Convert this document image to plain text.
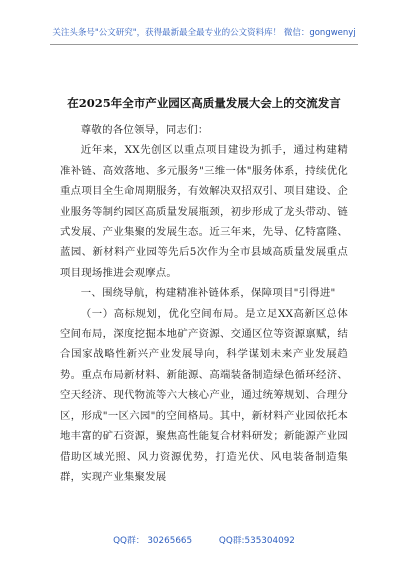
关注头条号"公文研究"，获得最新最全最专业的公文资料库！ 微信：gongwenyj
在2025年全市产业园区高质量发展大会上的交流发言

尊敬的各位领导，同志们：

近年来，XX先创区以重点项目建设为抓手，通过构建精准补链、高效落地、多元服务"三维一体"服务体系，持续优化重点项目全生命周期服务，有效解决双招双引、项目建设、企业服务等制约园区高质量发展瓶颈，初步形成了龙头带动、链式发展、产业集聚的发展生态。近三年来，先导、亿特富隆、蓝园、新材料产业园等先后5次作为全市县域高质量发展重点项目现场推进会观摩点。

一、围绕导航，构建精准补链体系，保障项目"引得进"

（一）高标规划，优化空间布局。是立足XX高新区总体空间布局，深度挖掘本地矿产资源、交通区位等资源禀赋，结合国家战略性新兴产业发展导向，科学谋划未来产业发展趋势。重点布局新材料、新能源、高端装备制造绿色循环经济、空天经济、现代物流等六大核心产业，通过统筹规划、合理分区，形成"一区六园"的空间格局。其中，新材料产业园依托本地丰富的矿石资源，聚焦高性能复合材料研发；新能源产业园借助区域光照、风力资源优势，打造光伏、风电装备制造集群，实现产业集聚发展

QQ群： 30265665	QQ群:535304092
